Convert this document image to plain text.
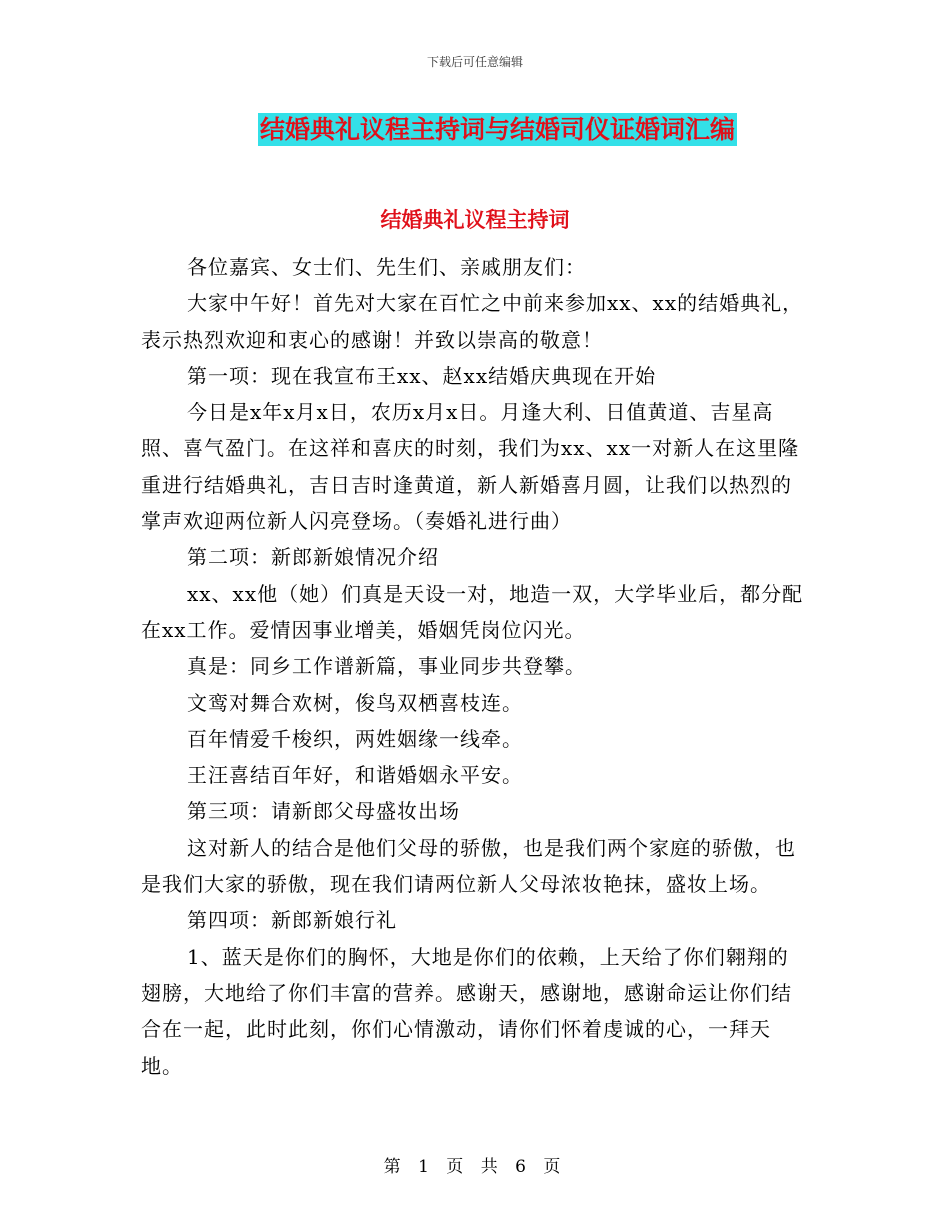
下载后可任意编辑
结婚典礼议程主持词与结婚司仪证婚词汇编
结婚典礼议程主持词

各位嘉宾、女士们、先生们、亲戚朋友们：

大家中午好！首先对大家在百忙之中前来参加xx、xx的结婚典礼，表示热烈欢迎和衷心的感谢！并致以崇高的敬意！

第一项：现在我宣布王xx、赵xx结婚庆典现在开始

今日是x年x月x日，农历x月x日。月逢大利、日值黄道、吉星高照、喜气盈门。在这祥和喜庆的时刻，我们为xx、xx一对新人在这里隆重进行结婚典礼，吉日吉时逢黄道，新人新婚喜月圆，让我们以热烈的掌声欢迎两位新人闪亮登场。（奏婚礼进行曲）

第二项：新郎新娘情况介绍

xx、xx他（她）们真是天设一对，地造一双，大学毕业后，都分配在xx工作。爱情因事业增美，婚姻凭岗位闪光。

真是：同乡工作谱新篇，事业同步共登攀。

文鸾对舞合欢树，俊鸟双栖喜枝连。

百年情爱千梭织，两姓姻缘一线牵。

王汪喜结百年好，和谐婚姻永平安。

第三项：请新郎父母盛妆出场

这对新人的结合是他们父母的骄傲，也是我们两个家庭的骄傲，也是我们大家的骄傲，现在我们请两位新人父母浓妆艳抹，盛妆上场。

第四项：新郎新娘行礼

1、蓝天是你们的胸怀，大地是你们的依赖，上天给了你们翱翔的翅膀，大地给了你们丰富的营养。感谢天，感谢地，感谢命运让你们结合在一起，此时此刻，你们心情激动，请你们怀着虔诚的心，一拜天地。

第 1 页 共 6 页
